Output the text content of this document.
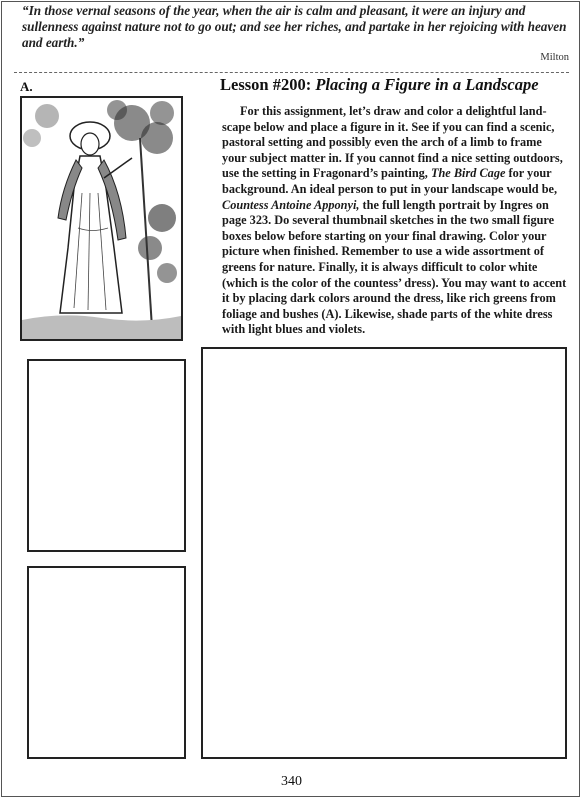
“In those vernal seasons of the year, when the air is calm and pleasant, it were an injury and sullenness against nature not to go out; and see her riches, and partake in her rejoicing with heaven and earth.”
Milton
A.	Lesson #200: Placing a Figure in a Landscape
For this assignment, let’s draw and color a delightful land-scape below and place a figure in it. See if you can find a scenic, pastoral setting and possibly even the arch of a limb to frame your subject matter in. If you cannot find a nice setting outdoors, use the setting in Fragonard’s painting, The Bird Cage for your background. An ideal person to put in your landscape would be, Countess Antoine Apponyi, the full length portrait by Ingres on page 323. Do several thumbnail sketches in the two small figure boxes below before starting on your final drawing. Color your picture when finished. Remember to use a wide assortment of greens for nature. Finally, it is always difficult to color white (which is the color of the countess’ dress). You may want to accent it by placing dark colors around the dress, like rich greens from foliage and bushes (A). Likewise, shade parts of the white dress with light blues and violets.
340
